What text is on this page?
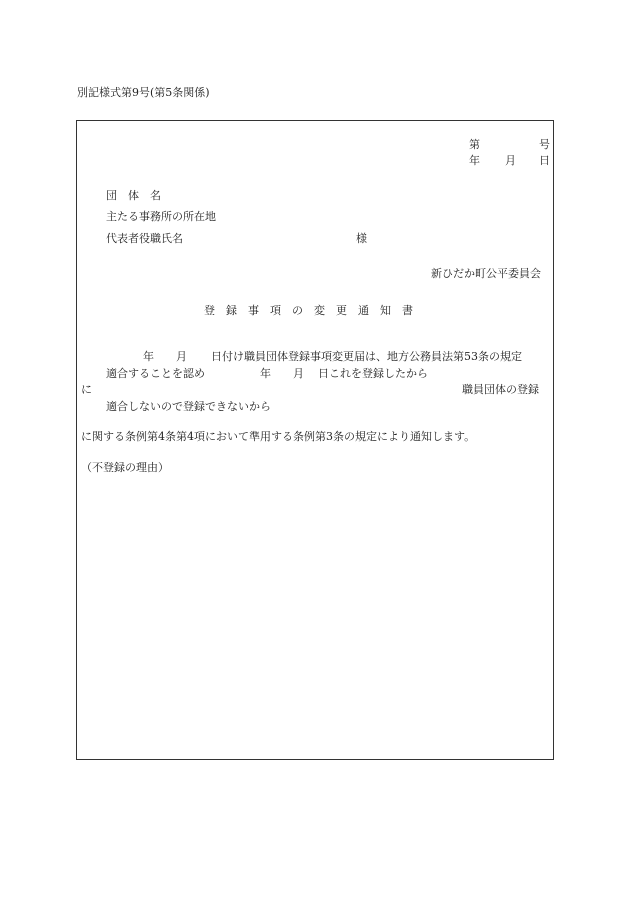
別記様式第9号(第5条関係)
第	号
年 月 日
団　体　名
主たる事務所の所在地
代表者役職氏名	様
新ひだか町公平委員会
登　録　事　項　の　変　更　通　知　書
年 月 日付け職員団体登録事項変更届は、地方公務員法第53条の規定
適合することを認め	年 月 日これを登録したから
に	職員団体の登録
適合しないので登録できないから
に関する条例第4条第4項において準用する条例第3条の規定により通知します。
（不登録の理由）
